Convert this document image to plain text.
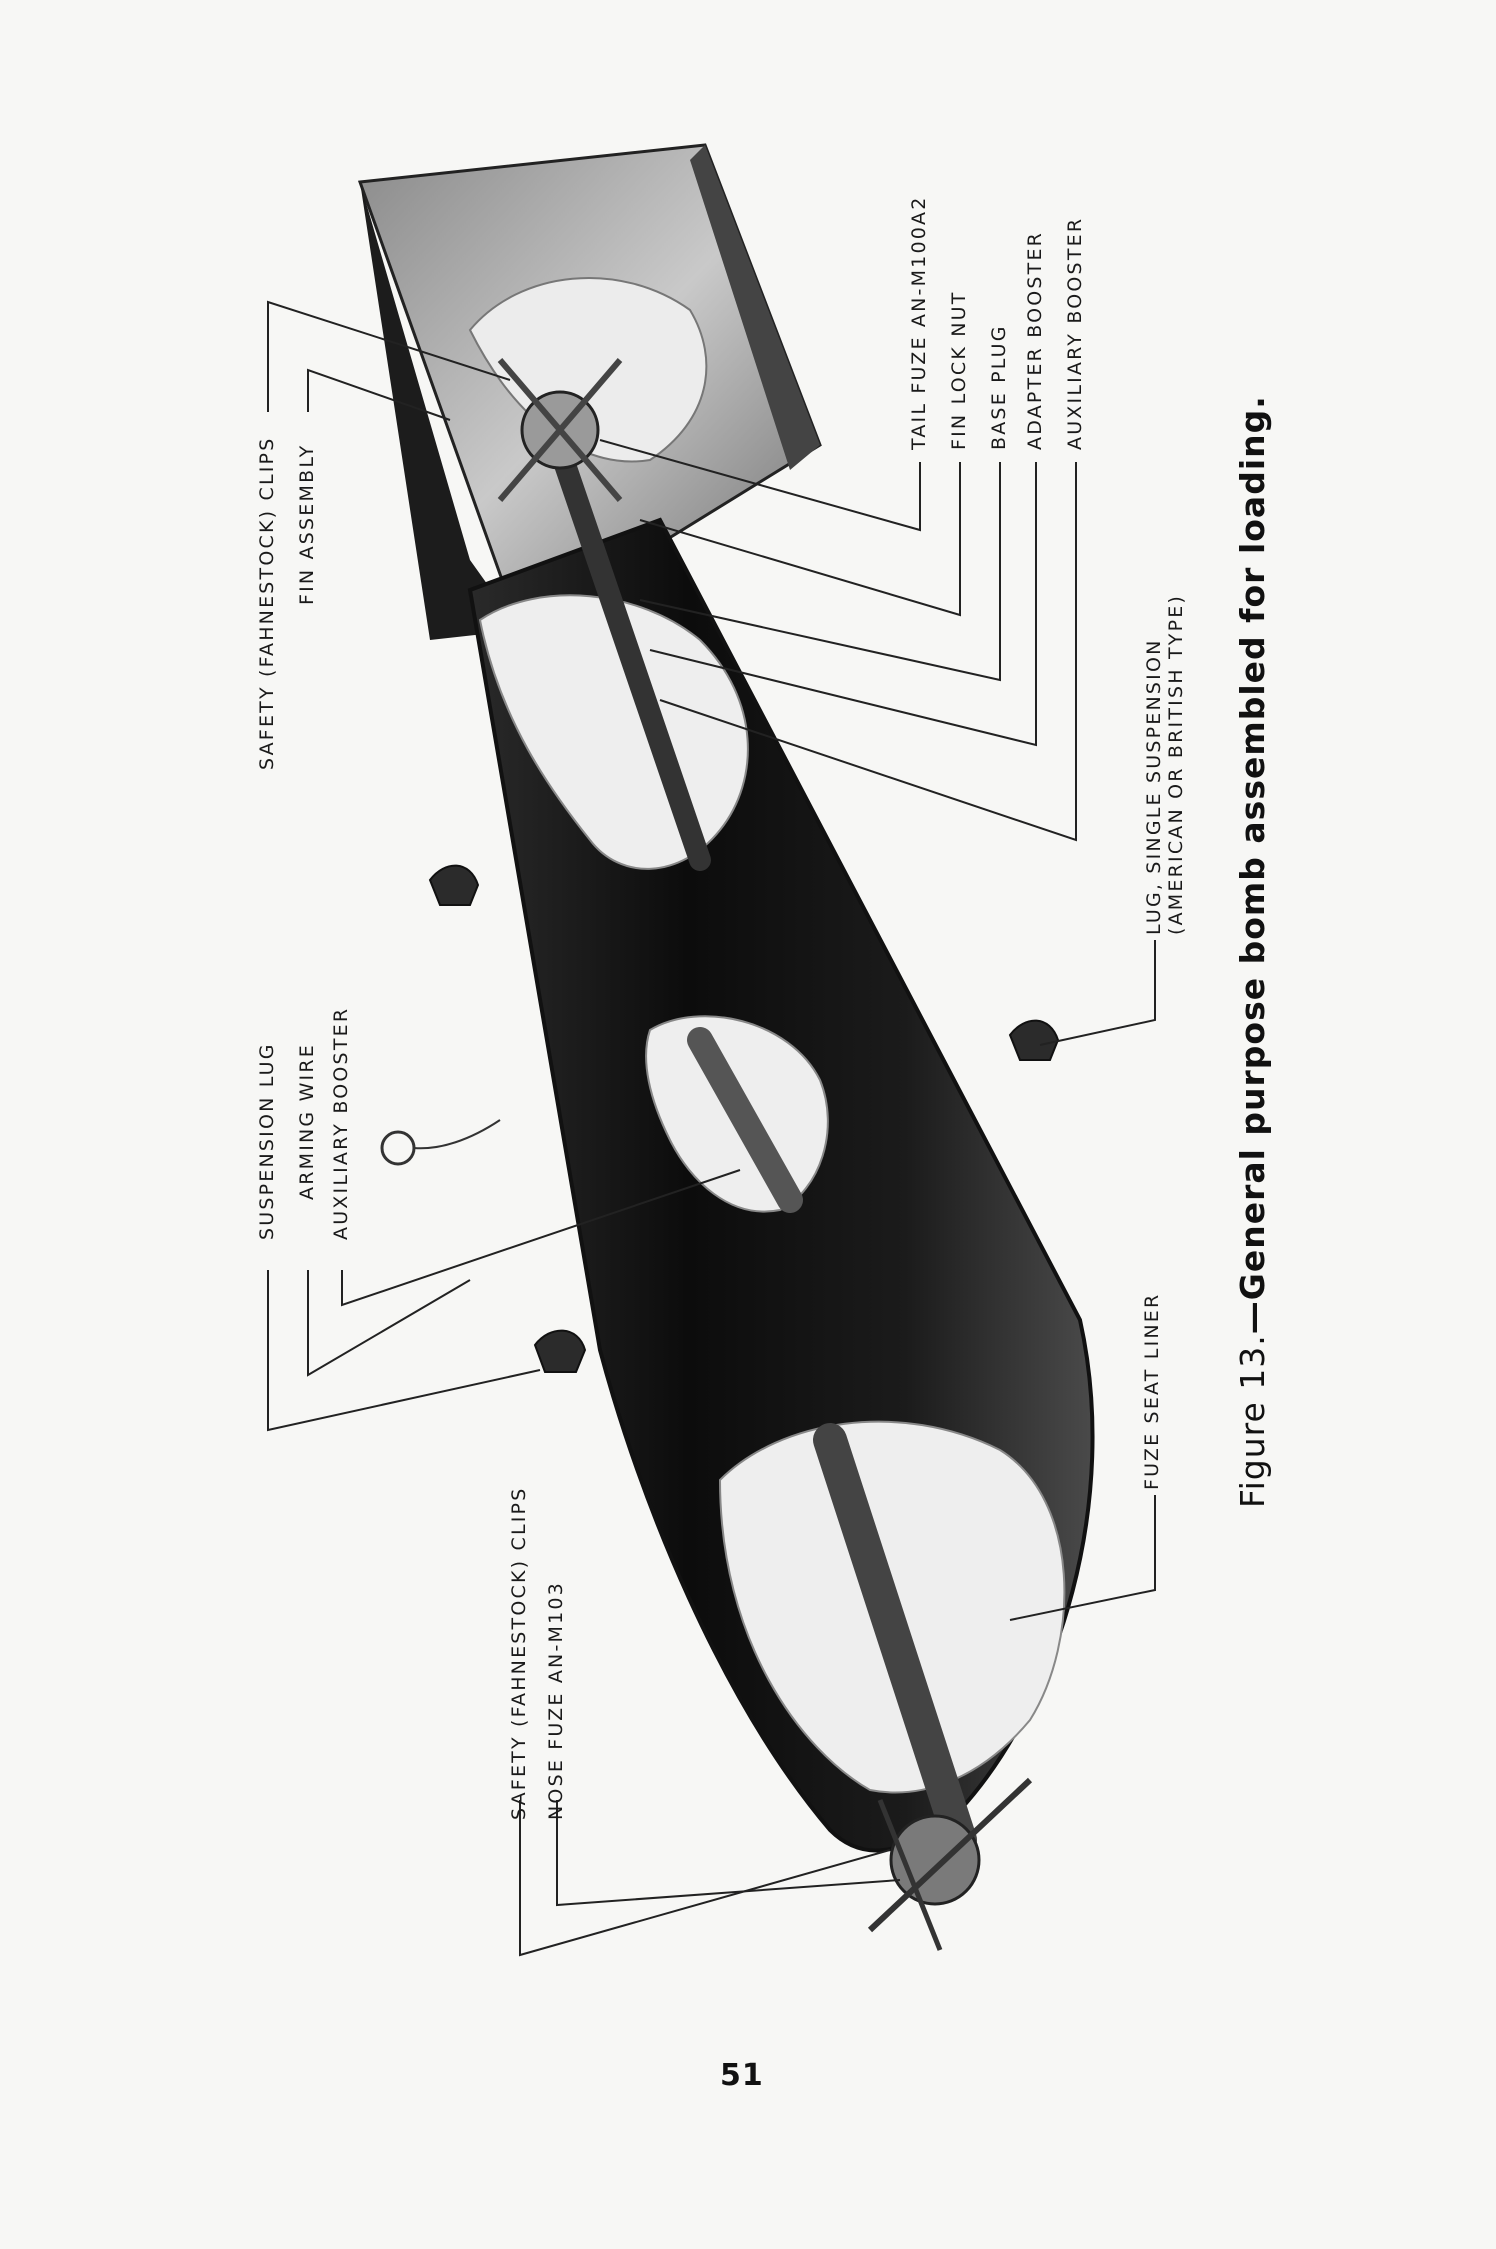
SAFETY (FAHNESTOCK) CLIPS FIN ASSEMBLY
SUSPENSION LUG ARMING WIRE AUXILIARY BOOSTER
SAFETY (FAHNESTOCK) CLIPS NOSE FUZE AN-M103
TAIL FUZE AN-M100A2 FIN LOCK NUT BASE PLUG ADAPTER BOOSTER AUXILIARY BOOSTER
LUG, SINGLE SUSPENSION
(AMERICAN OR BRITISH TYPE)
FUZE SEAT LINER Figure 13.—General purpose bomb assembled for loading.
51
